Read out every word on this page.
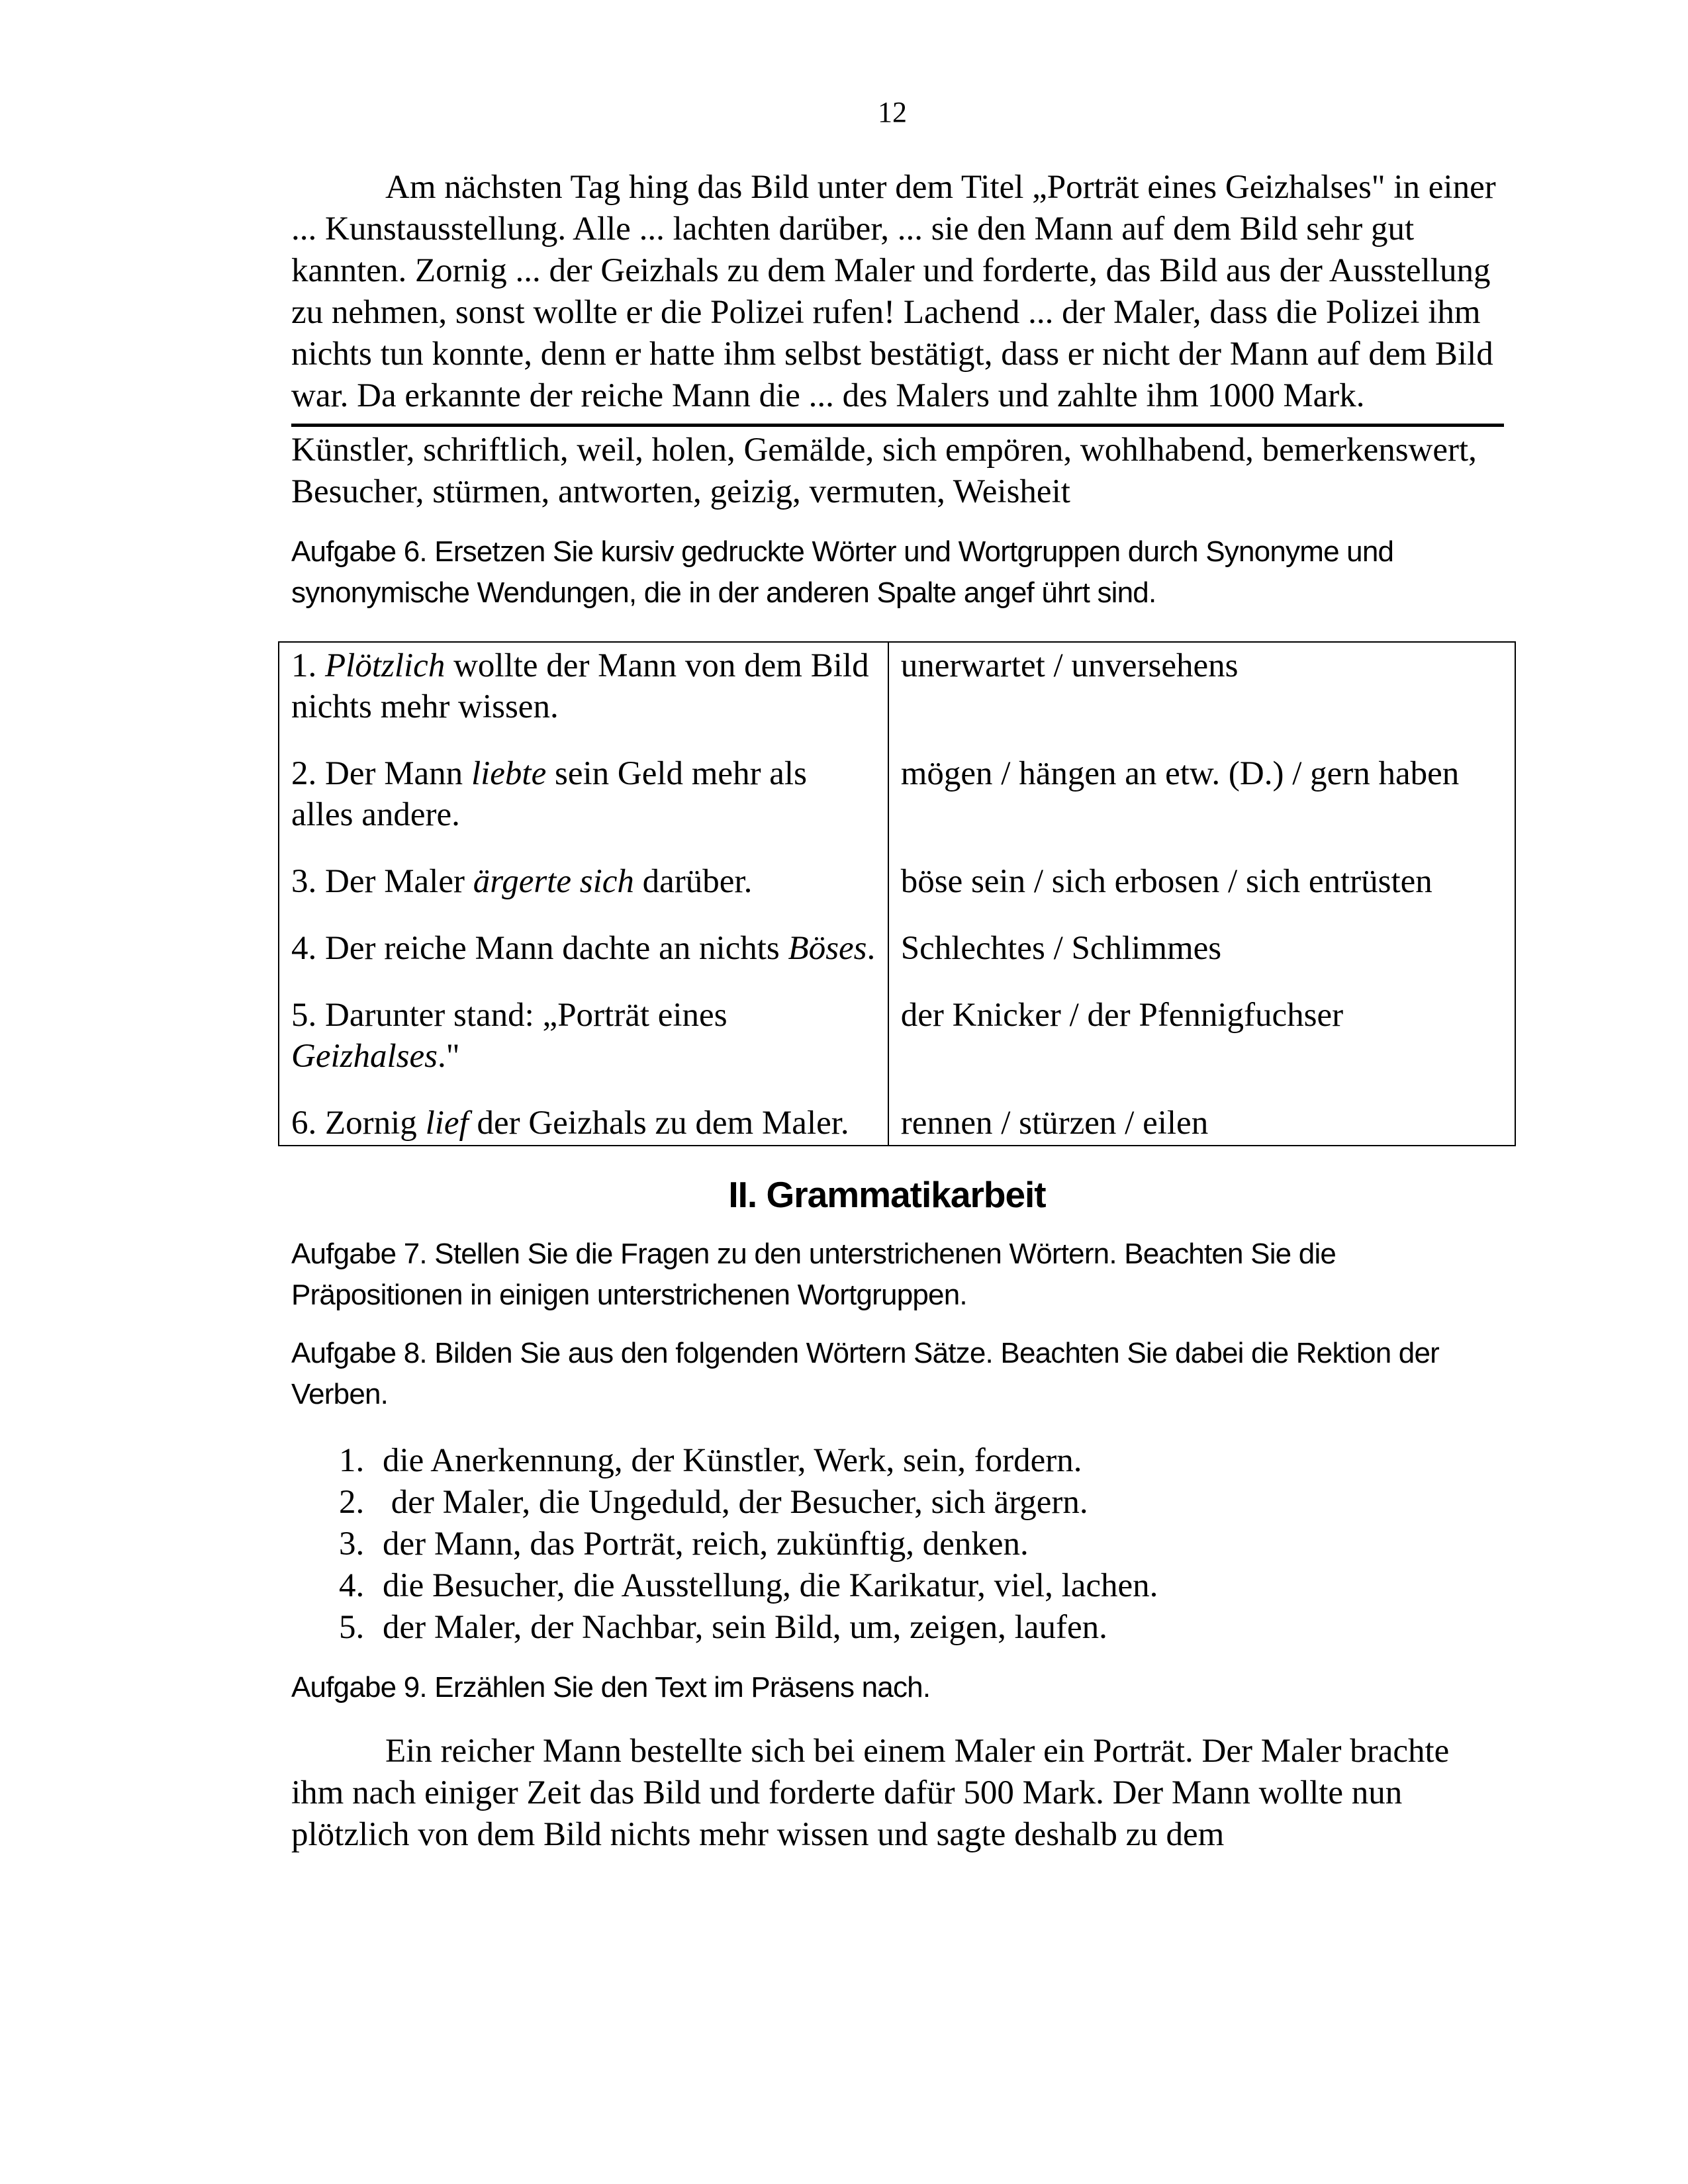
12

Am nächsten Tag hing das Bild unter dem Titel „Porträt eines Geizhalses" in einer ... Kunstausstellung. Alle ... lachten darüber, ... sie den Mann auf dem Bild sehr gut kannten. Zornig ... der Geizhals zu dem Maler und forderte, das Bild aus der Ausstellung zu nehmen, sonst wollte er die Polizei rufen! Lachend ... der Maler, dass die Polizei ihm nichts tun konnte, denn er hatte ihm selbst bestätigt, dass er nicht der Mann auf dem Bild war. Da erkannte der reiche Mann die ... des Malers und zahlte ihm 1000 Mark.

Künstler, schriftlich, weil, holen, Gemälde, sich empören, wohlhabend, bemerkenswert, Besucher, stürmen, antworten, geizig, vermuten, Weisheit

Aufgabe 6. Ersetzen Sie kursiv gedruckte Wörter und Wortgruppen durch Synonyme und synonymische Wendungen, die in der anderen Spalte angef ührt sind.

1. Plötzlich wollte der Mann von dem Bild nichts mehr wissen.	unerwartet / unversehens
2. Der Mann liebte sein Geld mehr als alles andere.	mögen / hängen an etw. (D.) / gern haben
3. Der Maler ärgerte sich darüber.	böse sein / sich erbosen / sich entrüsten
4. Der reiche Mann dachte an nichts Böses.	Schlechtes / Schlimmes
5. Darunter stand: „Porträt eines Geizhalses."	der Knicker / der Pfennigfuchser
6. Zornig lief der Geizhals zu dem Maler.	rennen / stürzen / eilen
II. Grammatikarbeit

Aufgabe 7. Stellen Sie die Fragen zu den unterstrichenen Wörtern. Beachten Sie die Präpositionen in einigen unterstrichenen Wortgruppen.

Aufgabe 8. Bilden Sie aus den folgenden Wörtern Sätze. Beachten Sie dabei die Rektion der Verben.

1. die Anerkennung, der Künstler, Werk, sein, fordern.
2. der Maler, die Ungeduld, der Besucher, sich ärgern.
3. der Mann, das Porträt, reich, zukünftig, denken.
4. die Besucher, die Ausstellung, die Karikatur, viel, lachen.
5. der Maler, der Nachbar, sein Bild, um, zeigen, laufen.

Aufgabe 9. Erzählen Sie den Text im Präsens nach.

Ein reicher Mann bestellte sich bei einem Maler ein Porträt. Der Maler brachte ihm nach einiger Zeit das Bild und forderte dafür 500 Mark. Der Mann wollte nun plötzlich von dem Bild nichts mehr wissen und sagte deshalb zu dem
